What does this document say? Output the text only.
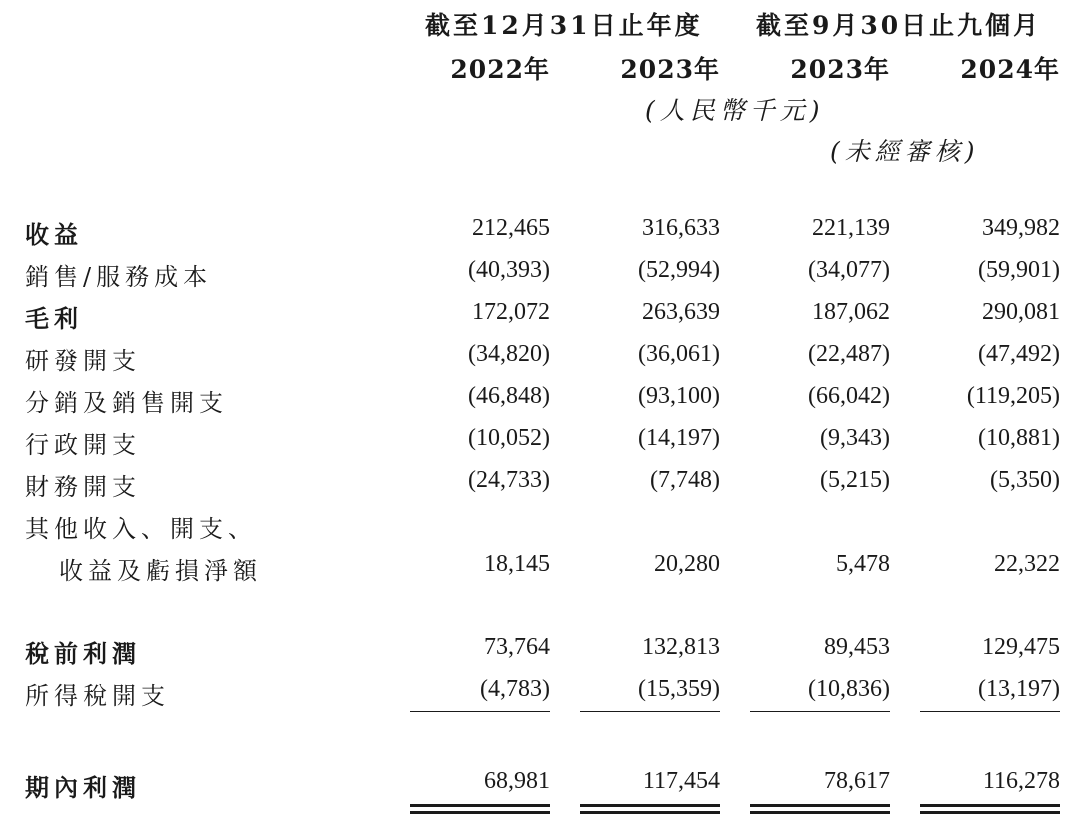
截至12月31日止年度 截至9月30日止九個月
2022年	2023年	2023年	2024年
(人民幣千元)
(未經審核)
收益	212,465	316,633	221,139	349,982
銷售/服務成本	(40,393)	(52,994)	(34,077)	(59,901)
毛利	172,072	263,639	187,062	290,081
研發開支	(34,820)	(36,061)	(22,487)	(47,492)
分銷及銷售開支	(46,848)	(93,100)	(66,042)	(119,205)
行政開支	(10,052)	(14,197)	(9,343)	(10,881)
財務開支	(24,733)	(7,748)	(5,215)	(5,350)
其他收入、開支、
收益及虧損淨額	18,145	20,280	5,478	22,322
稅前利潤	73,764	132,813	89,453	129,475
所得稅開支	(4,783)	(15,359)	(10,836)	(13,197)
期內利潤	68,981	117,454	78,617	116,278
